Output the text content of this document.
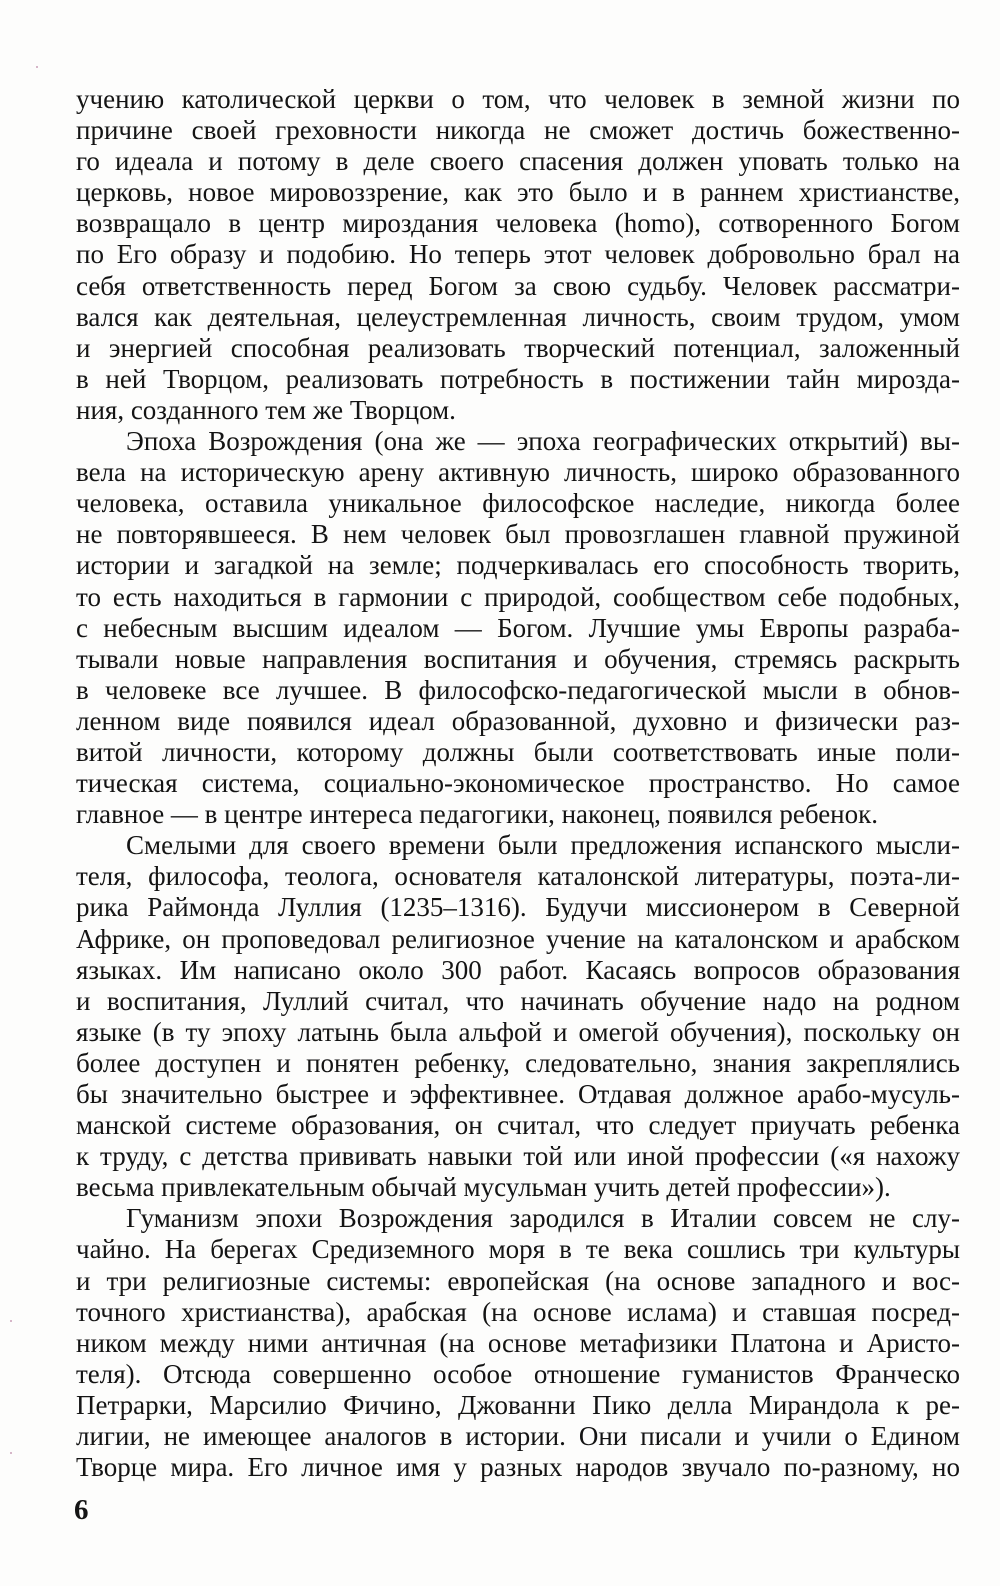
учению католической церкви о том, что человек в земной жизни по
причине своей греховности никогда не сможет достичь божественно-
го идеала и потому в деле своего спасения должен уповать только на
церковь, новое мировоззрение, как это было и в раннем христианстве,
возвращало в центр мироздания человека (homo), сотворенного Богом
по Его образу и подобию. Но теперь этот человек добровольно брал на
себя ответственность перед Богом за свою судьбу. Человек рассматри-
вался как деятельная, целеустремленная личность, своим трудом, умом
и энергией способная реализовать творческий потенциал, заложенный
в ней Творцом, реализовать потребность в постижении тайн мирозда-
ния, созданного тем же Творцом.
Эпоха Возрождения (она же — эпоха географических открытий) вы-
вела на историческую арену активную личность, широко образованного
человека, оставила уникальное философское наследие, никогда более
не повторявшееся. В нем человек был провозглашен главной пружиной
истории и загадкой на земле; подчеркивалась его способность творить,
то есть находиться в гармонии с природой, сообществом себе подобных,
с небесным высшим идеалом — Богом. Лучшие умы Европы разраба-
тывали новые направления воспитания и обучения, стремясь раскрыть
в человеке все лучшее. В философско-педагогической мысли в обнов-
ленном виде появился идеал образованной, духовно и физически раз-
витой личности, которому должны были соответствовать иные поли-
тическая система, социально-экономическое пространство. Но самое
главное — в центре интереса педагогики, наконец, появился ребенок.
Смелыми для своего времени были предложения испанского мысли-
теля, философа, теолога, основателя каталонской литературы, поэта-ли-
рика Раймонда Луллия (1235–1316). Будучи миссионером в Северной
Африке, он проповедовал религиозное учение на каталонском и арабском
языках. Им написано около 300 работ. Касаясь вопросов образования
и воспитания, Луллий считал, что начинать обучение надо на родном
языке (в ту эпоху латынь была альфой и омегой обучения), поскольку он
более доступен и понятен ребенку, следовательно, знания закреплялись
бы значительно быстрее и эффективнее. Отдавая должное арабо-мусуль-
манской системе образования, он считал, что следует приучать ребенка
к труду, с детства прививать навыки той или иной профессии («я нахожу
весьма привлекательным обычай мусульман учить детей профессии»).
Гуманизм эпохи Возрождения зародился в Италии совсем не слу-
чайно. На берегах Средиземного моря в те века сошлись три культуры
и три религиозные системы: европейская (на основе западного и вос-
точного христианства), арабская (на основе ислама) и ставшая посред-
ником между ними античная (на основе метафизики Платона и Аристо-
теля). Отсюда совершенно особое отношение гуманистов Франческо
Петрарки, Марсилио Фичино, Джованни Пико делла Мирандола к ре-
лигии, не имеющее аналогов в истории. Они писали и учили о Едином
Творце мира. Его личное имя у разных народов звучало по-разному, но
6
